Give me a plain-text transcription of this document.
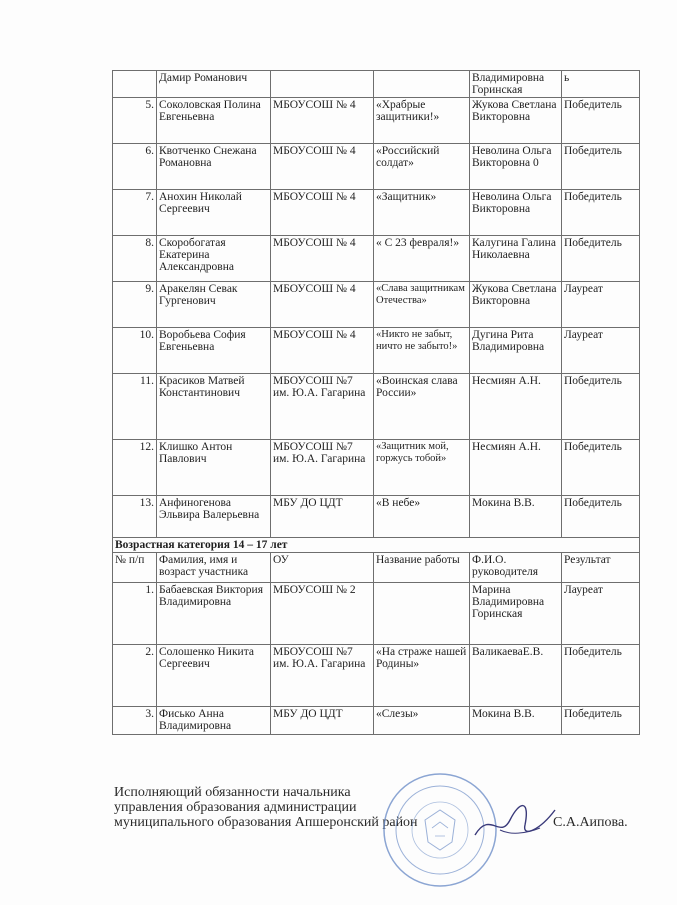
	Дамир Романович			Владимировна Горинская	ь
5.	Соколовская Полина Евгеньевна	МБОУСОШ № 4	«Храбрые защитники!»	Жукова Светлана Викторовна	Победитель
6.	Квотченко Снежана Романовна	МБОУСОШ № 4	«Российский солдат»	Неволина Ольга Викторовна 0	Победитель
7.	Анохин Николай Сергеевич	МБОУСОШ № 4	«Защитник»	Неволина Ольга Викторовна	Победитель
8.	Скоробогатая Екатерина Александровна	МБОУСОШ № 4	« С 23 февраля!»	Калугина Галина Николаевна	Победитель
9.	Аракелян Севак Гургенович	МБОУСОШ № 4	«Слава защитникам Отечества»	Жукова Светлана Викторовна	Лауреат
10.	Воробьева София Евгеньевна	МБОУСОШ № 4	«Никто не забыт, ничто не забыто!»	Дугина Рита Владимировна	Лауреат
11.	Красиков Матвей Константинович	МБОУСОШ №7 им. Ю.А. Гагарина	«Воинская слава России»	Несмиян А.Н.	Победитель
12.	Клишко Антон Павлович	МБОУСОШ №7 им. Ю.А. Гагарина	«Защитник мой, горжусь тобой»	Несмиян А.Н.	Победитель
13.	Анфиногенова Эльвира Валерьевна	МБУ ДО ЦДТ	«В небе»	Мокина В.В.	Победитель
Возрастная категория 14 – 17 лет					
№ п/п	Фамилия, имя и возраст участника	ОУ	Название работы	Ф.И.О. руководителя	Результат
1.	Бабаевская Виктория Владимировна	МБОУСОШ № 2		Марина Владимировна Горинская	Лауреат
2.	Солошенко Никита Сергеевич	МБОУСОШ №7 им. Ю.А. Гагарина	«На страже нашей Родины»	ВаликаеваЕ.В.	Победитель
3.	Фисько Анна Владимировна	МБУ ДО ЦДТ	«Слезы»	Мокина В.В.	Победитель
Исполняющий обязанности начальника
управления образования администрации
муниципального образования Апшеронский район	С.А.Аипова.
